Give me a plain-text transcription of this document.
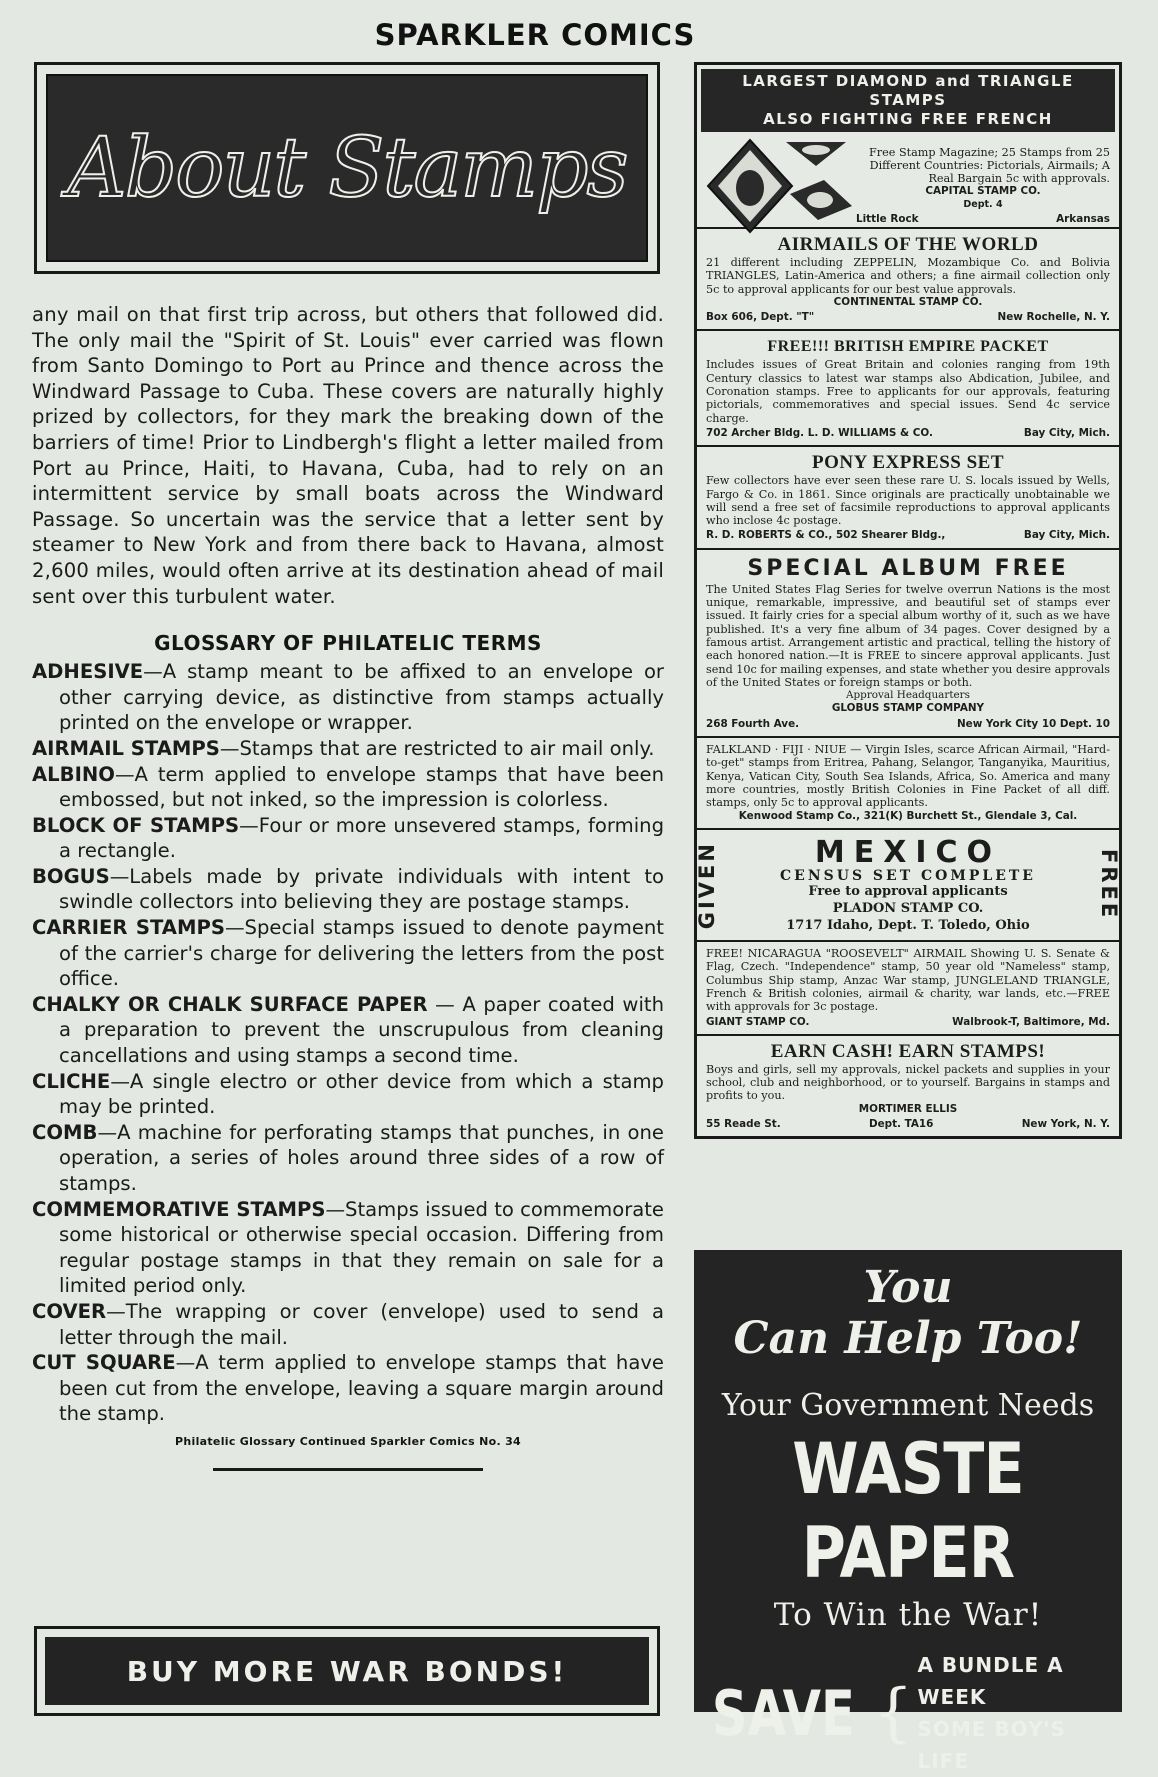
SPARKLER COMICS
About Stamps
any mail on that first trip across, but others that followed did. The only mail the "Spirit of St. Louis" ever carried was flown from Santo Domingo to Port au Prince and thence across the Windward Passage to Cuba. These covers are naturally highly prized by collectors, for they mark the breaking down of the barriers of time! Prior to Lindbergh's flight a letter mailed from Port au Prince, Haiti, to Havana, Cuba, had to rely on an intermittent service by small boats across the Windward Passage. So uncertain was the service that a letter sent by steamer to New York and from there back to Havana, almost 2,600 miles, would often arrive at its destination ahead of mail sent over this turbulent water.
GLOSSARY OF PHILATELIC TERMS
ADHESIVE—A stamp meant to be affixed to an envelope or other carrying device, as distinctive from stamps actually printed on the envelope or wrapper.
AIRMAIL STAMPS—Stamps that are restricted to air mail only.
ALBINO—A term applied to envelope stamps that have been embossed, but not inked, so the impression is colorless.
BLOCK OF STAMPS—Four or more unsevered stamps, forming a rectangle.
BOGUS—Labels made by private individuals with intent to swindle collectors into believing they are postage stamps.
CARRIER STAMPS—Special stamps issued to denote payment of the carrier's charge for delivering the letters from the post office.
CHALKY OR CHALK SURFACE PAPER — A paper coated with a preparation to prevent the unscrupulous from cleaning cancellations and using stamps a second time.
CLICHE—A single electro or other device from which a stamp may be printed.
COMB—A machine for perforating stamps that punches, in one operation, a series of holes around three sides of a row of stamps.
COMMEMORATIVE STAMPS—Stamps issued to commemorate some historical or otherwise special occasion. Differing from regular postage stamps in that they remain on sale for a limited period only.
COVER—The wrapping or cover (envelope) used to send a letter through the mail.
CUT SQUARE—A term applied to envelope stamps that have been cut from the envelope, leaving a square margin around the stamp.
Philatelic Glossary Continued Sparkler Comics No. 34
BUY MORE WAR BONDS!
LARGEST DIAMOND and TRIANGLE STAMPS
ALSO FIGHTING FREE FRENCH
Free Stamp Magazine; 25 Stamps from 25 Different Countries: Pictorials, Airmails; A Real Bargain 5c with approvals.
CAPITAL STAMP CO.
Dept. 4
Little Rock	Arkansas
AIRMAILS OF THE WORLD
21 different including ZEPPELIN, Mozambique Co. and Bolivia TRIANGLES, Latin-America and others; a fine airmail collection only 5c to approval applicants for our best value approvals.
CONTINENTAL STAMP CO.
Box 606, Dept. "T"	New Rochelle, N. Y.
FREE!!! BRITISH EMPIRE PACKET
Includes issues of Great Britain and colonies ranging from 19th Century classics to latest war stamps also Abdication, Jubilee, and Coronation stamps. Free to applicants for our approvals, featuring pictorials, commemoratives and special issues. Send 4c service charge.
702 Archer Bldg. L. D. WILLIAMS & CO.	Bay City, Mich.
PONY EXPRESS SET
Few collectors have ever seen these rare U. S. locals issued by Wells, Fargo & Co. in 1861. Since originals are practically unobtainable we will send a free set of facsimile reproductions to approval applicants who inclose 4c postage.
R. D. ROBERTS & CO., 502 Shearer Bldg.,	Bay City, Mich.
SPECIAL ALBUM FREE
The United States Flag Series for twelve overrun Nations is the most unique, remarkable, impressive, and beautiful set of stamps ever issued. It fairly cries for a special album worthy of it, such as we have published. It's a very fine album of 34 pages. Cover designed by a famous artist. Arrangement artistic and practical, telling the history of each honored nation.—It is FREE to sincere approval applicants. Just send 10c for mailing expenses, and state whether you desire approvals of the United States or foreign stamps or both.
Approval Headquarters
GLOBUS STAMP COMPANY
268 Fourth Ave.	New York City 10 Dept. 10
FALKLAND · FIJI · NIUE — Virgin Isles, scarce African Airmail, "Hard-to-get" stamps from Eritrea, Pahang, Selangor, Tanganyika, Mauritius, Kenya, Vatican City, South Sea Islands, Africa, So. America and many more countries, mostly British Colonies in Fine Packet of all diff. stamps, only 5c to approval applicants.
Kenwood Stamp Co., 321(K) Burchett St., Glendale 3, Cal.
GIVEN	MEXICO
CENSUS SET COMPLETE
Free to approval applicants
PLADON STAMP CO.
1717 Idaho, Dept. T. Toledo, Ohio
FREE
FREE! NICARAGUA "ROOSEVELT" AIRMAIL Showing U. S. Senate & Flag, Czech. "Independence" stamp, 50 year old "Nameless" stamp, Columbus Ship stamp, Anzac War stamp, JUNGLELAND TRIANGLE, French & British colonies, airmail & charity, war lands, etc.—FREE with approvals for 3c postage.
GIANT STAMP CO.	Walbrook-T, Baltimore, Md.
EARN CASH! EARN STAMPS!
Boys and girls, sell my approvals, nickel packets and supplies in your school, club and neighborhood, or to yourself. Bargains in stamps and profits to you.
MORTIMER ELLIS
55 Reade St.	Dept. TA16	New York, N. Y.
You
Can Help Too!
Your Government Needs
WASTE PAPER
To Win the War!
SAVE {
A BUNDLE A WEEK
SOME BOY'S LIFE
